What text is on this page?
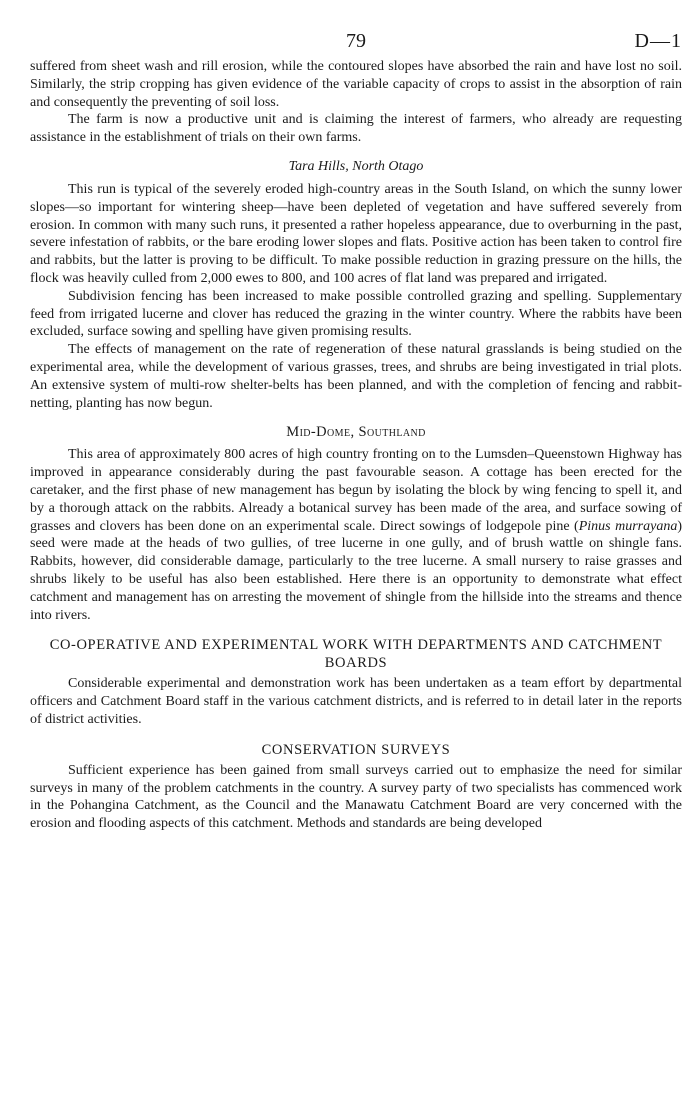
79	D—1

suffered from sheet wash and rill erosion, while the contoured slopes have absorbed the rain and have lost no soil. Similarly, the strip cropping has given evidence of the variable capacity of crops to assist in the absorption of rain and consequently the preventing of soil loss.

The farm is now a productive unit and is claiming the interest of farmers, who already are requesting assistance in the establishment of trials on their own farms.

Tara Hills, North Otago

This run is typical of the severely eroded high-country areas in the South Island, on which the sunny lower slopes—so important for wintering sheep—have been depleted of vegetation and have suffered severely from erosion. In common with many such runs, it presented a rather hopeless appearance, due to overburning in the past, severe infestation of rabbits, or the bare eroding lower slopes and flats. Positive action has been taken to control fire and rabbits, but the latter is proving to be difficult. To make possible reduction in grazing pressure on the hills, the flock was heavily culled from 2,000 ewes to 800, and 100 acres of flat land was prepared and irrigated.

Subdivision fencing has been increased to make possible controlled grazing and spelling. Supplementary feed from irrigated lucerne and clover has reduced the grazing in the winter country. Where the rabbits have been excluded, surface sowing and spelling have given promising results.

The effects of management on the rate of regeneration of these natural grasslands is being studied on the experimental area, while the development of various grasses, trees, and shrubs are being investigated in trial plots. An extensive system of multi-row shelter-belts has been planned, and with the completion of fencing and rabbit-netting, planting has now begun.

Mid-Dome, Southland

This area of approximately 800 acres of high country fronting on to the Lumsden–Queenstown Highway has improved in appearance considerably during the past favourable season. A cottage has been erected for the caretaker, and the first phase of new management has begun by isolating the block by wing fencing to spell it, and by a thorough attack on the rabbits. Already a botanical survey has been made of the area, and surface sowing of grasses and clovers has been done on an experimental scale. Direct sowings of lodgepole pine (Pinus murrayana) seed were made at the heads of two gullies, of tree lucerne in one gully, and of brush wattle on shingle fans. Rabbits, however, did considerable damage, particularly to the tree lucerne. A small nursery to raise grasses and shrubs likely to be useful has also been established. Here there is an opportunity to demonstrate what effect catchment and management has on arresting the movement of shingle from the hillside into the streams and thence into rivers.

CO-OPERATIVE AND EXPERIMENTAL WORK WITH DEPARTMENTS AND CATCHMENT BOARDS

Considerable experimental and demonstration work has been undertaken as a team effort by departmental officers and Catchment Board staff in the various catchment districts, and is referred to in detail later in the reports of district activities.

CONSERVATION SURVEYS

Sufficient experience has been gained from small surveys carried out to emphasize the need for similar surveys in many of the problem catchments in the country. A survey party of two specialists has commenced work in the Pohangina Catchment, as the Council and the Manawatu Catchment Board are very concerned with the erosion and flooding aspects of this catchment. Methods and standards are being developed
